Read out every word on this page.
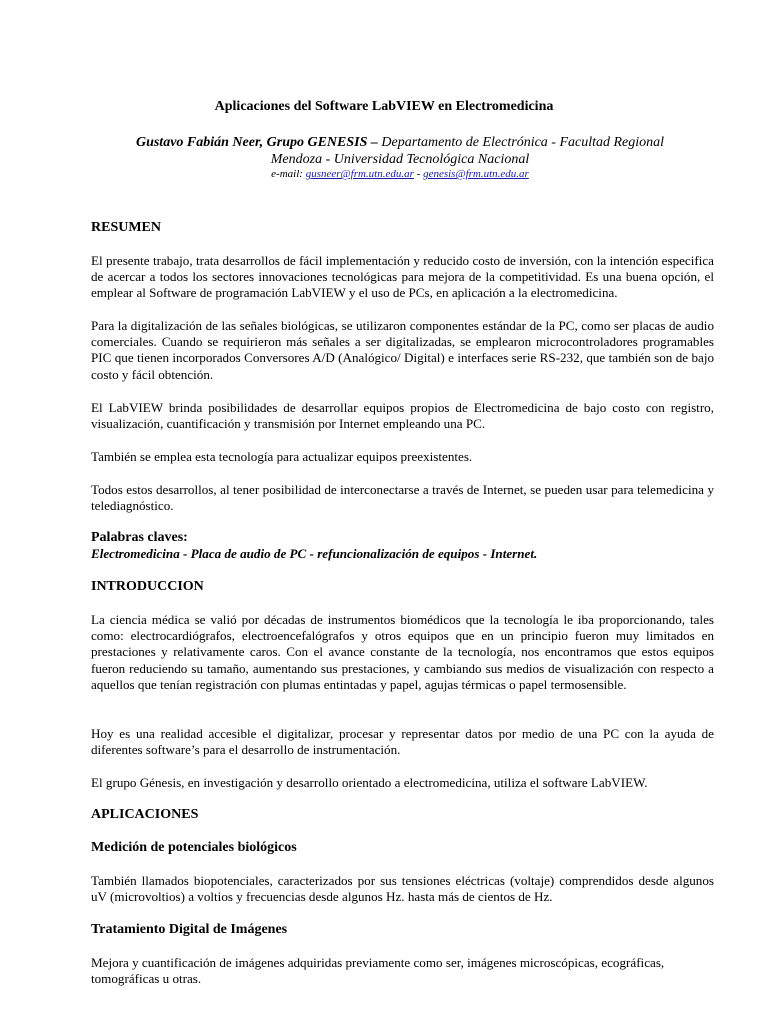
Aplicaciones del Software LabVIEW en Electromedicina
Gustavo Fabián Neer, Grupo GENESIS – Departamento de Electrónica - Facultad Regional Mendoza - Universidad Tecnológica Nacional
e-mail: gusneer@frm.utn.edu.ar - genesis@frm.utn.edu.ar
RESUMEN
El presente trabajo, trata desarrollos de fácil implementación y reducido costo de inversión, con la intención especifica de acercar a todos los sectores innovaciones tecnológicas para mejora de la competitividad. Es una buena opción, el emplear al Software de programación LabVIEW y el uso de PCs, en aplicación a la electromedicina.
Para la digitalización de las señales biológicas, se utilizaron componentes estándar de la PC, como ser placas de audio comerciales. Cuando se requirieron más señales a ser digitalizadas, se emplearon microcontroladores programables PIC que tienen incorporados Conversores A/D (Analógico/ Digital) e interfaces serie RS-232, que también son de bajo costo y fácil obtención.
El LabVIEW brinda posibilidades de desarrollar equipos propios de Electromedicina de bajo costo con registro, visualización, cuantificación y transmisión por Internet empleando una PC.
También se emplea esta tecnología para actualizar equipos preexistentes.
Todos estos desarrollos, al tener posibilidad de interconectarse a través de Internet, se pueden usar para telemedicina y telediagnóstico.
Palabras claves:
Electromedicina - Placa de audio de PC - refuncionalización de equipos - Internet.
INTRODUCCION
La ciencia médica se valió por décadas de instrumentos biomédicos que la tecnología le iba proporcionando, tales como: electrocardiógrafos, electroencefalógrafos y otros equipos que en un principio fueron muy limitados en prestaciones y relativamente caros. Con el avance constante de la tecnología, nos encontramos que estos equipos fueron reduciendo su tamaño, aumentando sus prestaciones, y cambiando sus medios de visualización con respecto a aquellos que tenían registración con plumas entintadas y papel, agujas térmicas o papel termosensible.
Hoy es una realidad accesible el digitalizar, procesar y representar datos por medio de una PC con la ayuda de diferentes software’s para el desarrollo de instrumentación.
El grupo Génesis, en investigación y desarrollo orientado a electromedicina, utiliza el software LabVIEW.
APLICACIONES
Medición de potenciales biológicos
También llamados biopotenciales, caracterizados por sus tensiones eléctricas (voltaje) comprendidos desde algunos uV (microvoltios) a voltios y frecuencias desde algunos Hz. hasta más de cientos de Hz.
Tratamiento Digital de Imágenes
Mejora y cuantificación de imágenes adquiridas previamente como ser, imágenes microscópicas, ecográficas, tomográficas u otras.
